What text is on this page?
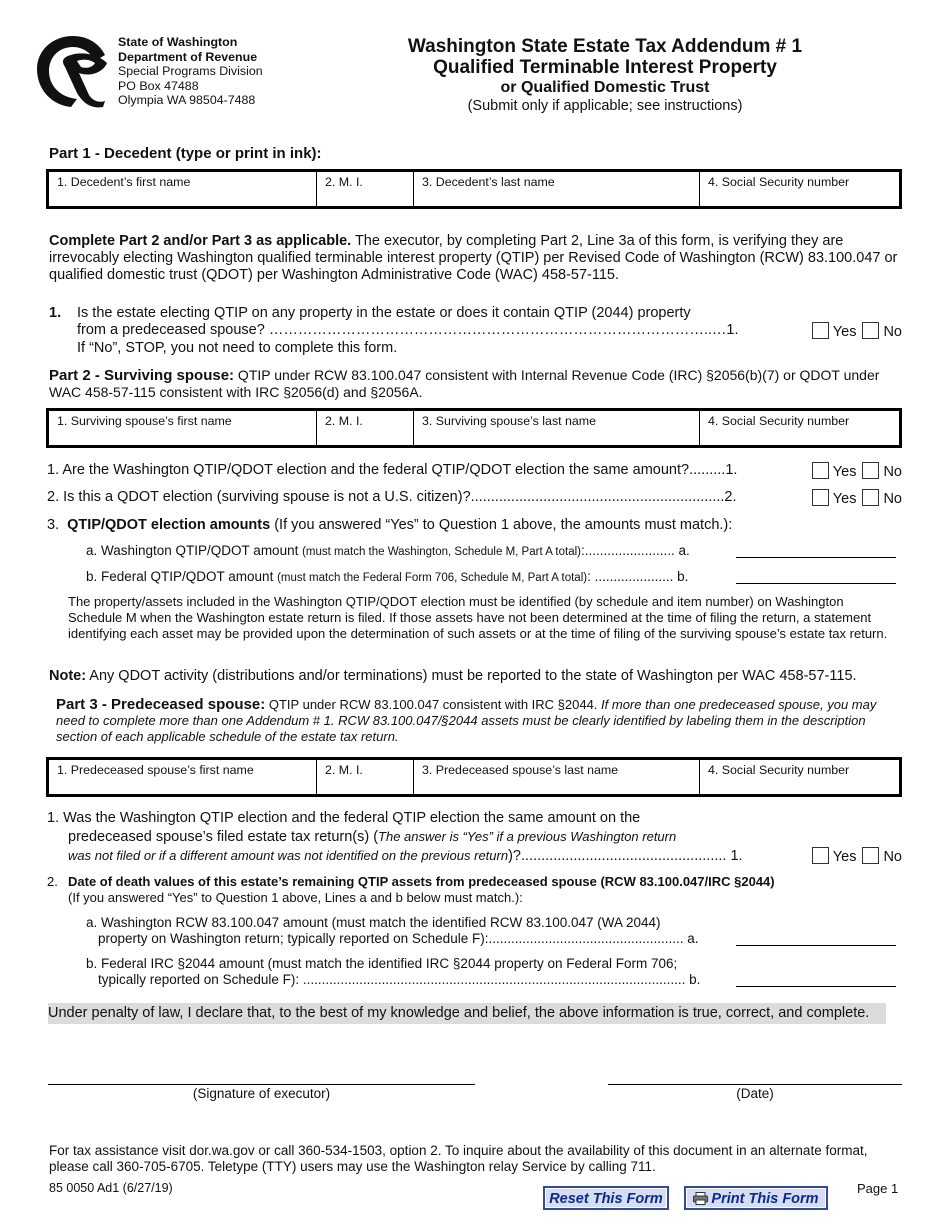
State of Washington
Department of Revenue
Special Programs Division
PO Box 47488
Olympia WA 98504-7488
Washington State Estate Tax Addendum # 1
Qualified Terminable Interest Property
or Qualified Domestic Trust
(Submit only if applicable; see instructions)
Part 1 - Decedent (type or print in ink):
1. Decedent’s first name	2. M. I.	3. Decedent’s last name	4. Social Security number
Complete Part 2 and/or Part 3 as applicable. The executor, by completing Part 2, Line 3a of this form, is verifying they are irrevocably electing Washington qualified terminable interest property (QTIP) per Revised Code of Washington (RCW) 83.100.047 or qualified domestic trust (QDOT) per Washington Administrative Code (WAC) 458-57-115.
1. Is the estate electing QTIP on any property in the estate or does it contain QTIP (2044) property
from a predeceased spouse? ………………………………………………………………………………..…1.	Yes No
If “No”, STOP, you not need to complete this form.
Part 2 - Surviving spouse: QTIP under RCW 83.100.047 consistent with Internal Revenue Code (IRC) §2056(b)(7) or QDOT under WAC 458-57-115 consistent with IRC §2056(d) and §2056A.
1. Surviving spouse’s first name	2. M. I.	3. Surviving spouse’s last name	4. Social Security number
1. Are the Washington QTIP/QDOT election and the federal QTIP/QDOT election the same amount?.........1.	Yes No
2. Is this a QDOT election (surviving spouse is not a U.S. citizen)?...............................................................2.	Yes No
3. QTIP/QDOT election amounts (If you answered “Yes” to Question 1 above, the amounts must match.):
a. Washington QTIP/QDOT amount (must match the Washington, Schedule M, Part A total):........................ a.
b. Federal QTIP/QDOT amount (must match the Federal Form 706, Schedule M, Part A total): ..................... b.
The property/assets included in the Washington QTIP/QDOT election must be identified (by schedule and item number) on Washington Schedule M when the Washington estate return is filed. If those assets have not been determined at the time of filing the return, a statement identifying each asset may be provided upon the determination of such assets or at the time of filing of the surviving spouse’s estate tax return.
Note: Any QDOT activity (distributions and/or terminations) must be reported to the state of Washington per WAC 458-57-115.
Part 3 - Predeceased spouse: QTIP under RCW 83.100.047 consistent with IRC §2044. If more than one predeceased spouse, you may need to complete more than one Addendum # 1. RCW 83.100.047/§2044 assets must be clearly identified by labeling them in the description section of each applicable schedule of the estate tax return.
1. Predeceased spouse’s first name	2. M. I.	3. Predeceased spouse’s last name	4. Social Security number
1. Was the Washington QTIP election and the federal QTIP election the same amount on the
predeceased spouse’s filed estate tax return(s) (The answer is “Yes” if a previous Washington return
was not filed or if a different amount was not identified on the previous return)?................................................... 1.	Yes No
2. Date of death values of this estate’s remaining QTIP assets from predeceased spouse (RCW 83.100.047/IRC §2044)
(If you answered “Yes” to Question 1 above, Lines a and b below must match.):
a. Washington RCW 83.100.047 amount (must match the identified RCW 83.100.047 (WA 2044)
property on Washington return; typically reported on Schedule F):.................................................... a.
b. Federal IRC §2044 amount (must match the identified IRC §2044 property on Federal Form 706;
typically reported on Schedule F): ...................................................................................................... b.
Under penalty of law, I declare that, to the best of my knowledge and belief, the above information is true, correct, and complete.
(Signature of executor)	(Date)
For tax assistance visit dor.wa.gov or call 360-534-1503, option 2. To inquire about the availability of this document in an alternate format, please call 360-705-6705. Teletype (TTY) users may use the Washington relay Service by calling 711.
85 0050 Ad1 (6/27/19)	Page 1
Reset This Form	Print This Form
